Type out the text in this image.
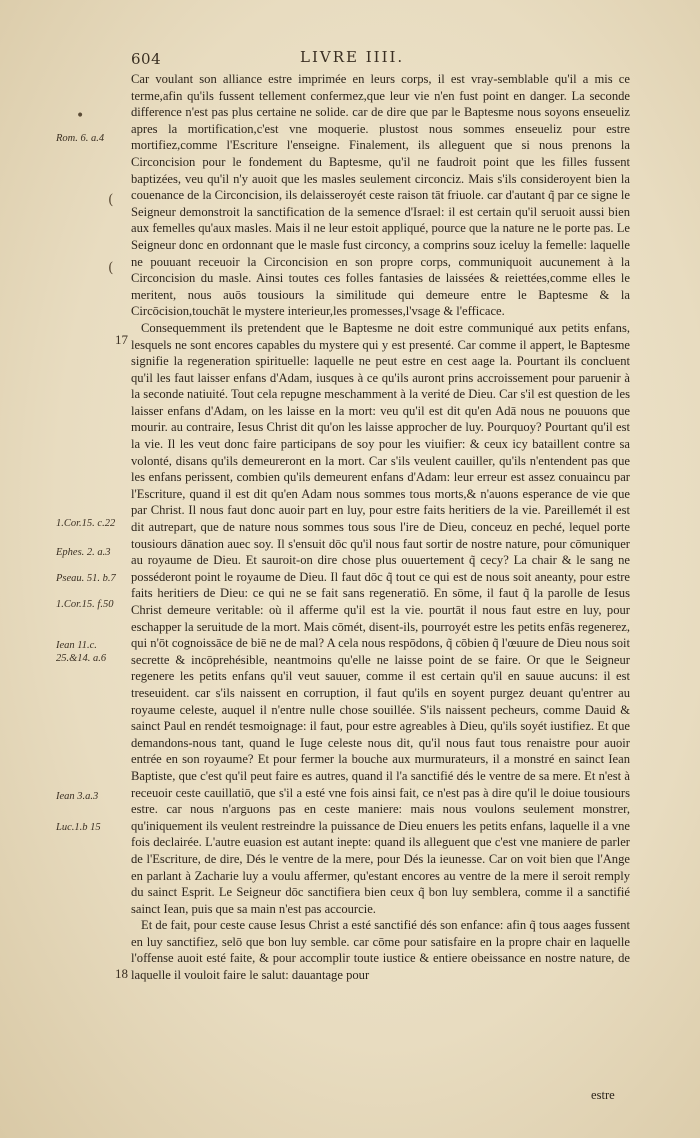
604	LIVRE IIII.
•
(
(
17
18
Rom. 6. a.4
1.Cor.15. c.22
Ephes. 2. a.3
Pseau. 51. b.7
1.Cor.15. f.50
Iean 11.c. 25.&14. a.6
Iean 3.a.3
Luc.1.b 15

Car voulant son alliance estre imprimée en leurs corps, il est vray-semblable qu'il a mis ce terme,afin qu'ils fussent tellement confermez,que leur vie n'en fust point en danger. La seconde difference n'est pas plus certaine ne solide. car de dire que par le Baptesme nous soyons enseueliz apres la mortification,c'est vne moquerie. plustost nous sommes enseueliz pour estre mortifiez,comme l'Escriture l'enseigne. Finalement, ils alleguent que si nous prenons la Circoncision pour le fondement du Baptesme, qu'il ne faudroit point que les filles fussent baptizées, veu qu'il n'y auoit que les masles seulement circonciz. Mais s'ils consideroyent bien la couenance de la Circoncision, ils delaisseroyét ceste raison tāt friuole. car d'autant q̃ par ce signe le Seigneur demonstroit la sanctification de la semence d'Israel: il est certain qu'il seruoit aussi bien aux femelles qu'aux masles. Mais il ne leur estoit appliqué, pource que la nature ne le porte pas. Le Seigneur donc en ordonnant que le masle fust circoncy, a comprins souz iceluy la femelle: laquelle ne pouuant receuoir la Circoncision en son propre corps, communiquoit aucunement à la Circoncision du masle. Ainsi toutes ces folles fantasies de laissées & reiettées,comme elles le meritent, nous auōs tousiours la similitude qui demeure entre le Baptesme & la Circōcision,touchāt le mystere interieur,les promesses,l'vsage & l'efficace.

Consequemment ils pretendent que le Baptesme ne doit estre communiqué aux petits enfans, lesquels ne sont encores capables du mystere qui y est presenté. Car comme il appert, le Baptesme signifie la regeneration spirituelle: laquelle ne peut estre en cest aage la. Pourtant ils concluent qu'il les faut laisser enfans d'Adam, iusques à ce qu'ils auront prins accroissement pour paruenir à la seconde natiuité. Tout cela repugne meschamment à la verité de Dieu. Car s'il est question de les laisser enfans d'Adam, on les laisse en la mort: veu qu'il est dit qu'en Adā nous ne pouuons que mourir. au contraire, Iesus Christ dit qu'on les laisse approcher de luy. Pourquoy? Pourtant qu'il est la vie. Il les veut donc faire participans de soy pour les viuifier: & ceux icy bataillent contre sa volonté, disans qu'ils demeureront en la mort. Car s'ils veulent cauiller, qu'ils n'entendent pas que les enfans perissent, combien qu'ils demeurent enfans d'Adam: leur erreur est assez conuaincu par l'Escriture, quand il est dit qu'en Adam nous sommes tous morts,& n'auons esperance de vie que par Christ. Il nous faut donc auoir part en luy, pour estre faits heritiers de la vie. Pareillemét il est dit autrepart, que de nature nous sommes tous sous l'ire de Dieu, conceuz en peché, lequel porte tousiours dānation auec soy. Il s'ensuit dōc qu'il nous faut sortir de nostre nature, pour cōmuniquer au royaume de Dieu. Et sauroit-on dire chose plus ouuertement q̃ cecy? La chair & le sang ne posséderont point le royaume de Dieu. Il faut dōc q̃ tout ce qui est de nous soit aneanty, pour estre faits heritiers de Dieu: ce qui ne se fait sans regeneratiō. En sōme, il faut q̃ la parolle de Iesus Christ demeure veritable: où il afferme qu'il est la vie. pourtāt il nous faut estre en luy, pour eschapper la seruitude de la mort. Mais cōmét, disent-ils, pourroyét estre les petits enfās regenerez, qui n'ōt cognoissāce de biē ne de mal? A cela nous respōdons, q̃ cōbien q̃ l'œuure de Dieu nous soit secrette & incōprehésible, neantmoins qu'elle ne laisse point de se faire. Or que le Seigneur regenere les petits enfans qu'il veut sauuer, comme il est certain qu'il en sauue aucuns: il est treseuident. car s'ils naissent en corruption, il faut qu'ils en soyent purgez deuant qu'entrer au royaume celeste, auquel il n'entre nulle chose souillée. S'ils naissent pecheurs, comme Dauid & sainct Paul en rendét tesmoignage: il faut, pour estre agreables à Dieu, qu'ils soyét iustifiez. Et que demandons-nous tant, quand le Iuge celeste nous dit, qu'il nous faut tous renaistre pour auoir entrée en son royaume? Et pour fermer la bouche aux murmurateurs, il a monstré en sainct Iean Baptiste, que c'est qu'il peut faire es autres, quand il l'a sanctifié dés le ventre de sa mere. Et n'est à receuoir ceste cauillatiō, que s'il a esté vne fois ainsi fait, ce n'est pas à dire qu'il le doiue tousiours estre. car nous n'arguons pas en ceste maniere: mais nous voulons seulement monstrer, qu'iniquement ils veulent restreindre la puissance de Dieu enuers les petits enfans, laquelle il a vne fois declairée. L'autre euasion est autant inepte: quand ils alleguent que c'est vne maniere de parler de l'Escriture, de dire, Dés le ventre de la mere, pour Dés la ieunesse. Car on voit bien que l'Ange en parlant à Zacharie luy a voulu affermer, qu'estant encores au ventre de la mere il seroit remply du sainct Esprit. Le Seigneur dōc sanctifiera bien ceux q̃ bon luy semblera, comme il a sanctifié sainct Iean, puis que sa main n'est pas accourcie.

Et de fait, pour ceste cause Iesus Christ a esté sanctifié dés son enfance: afin q̃ tous aages fussent en luy sanctifiez, selō que bon luy semble. car cōme pour satisfaire en la propre chair en laquelle l'offense auoit esté faite, & pour accomplir toute iustice & entiere obeissance en nostre nature, de laquelle il vouloit faire le salut: dauantage pour

estre
